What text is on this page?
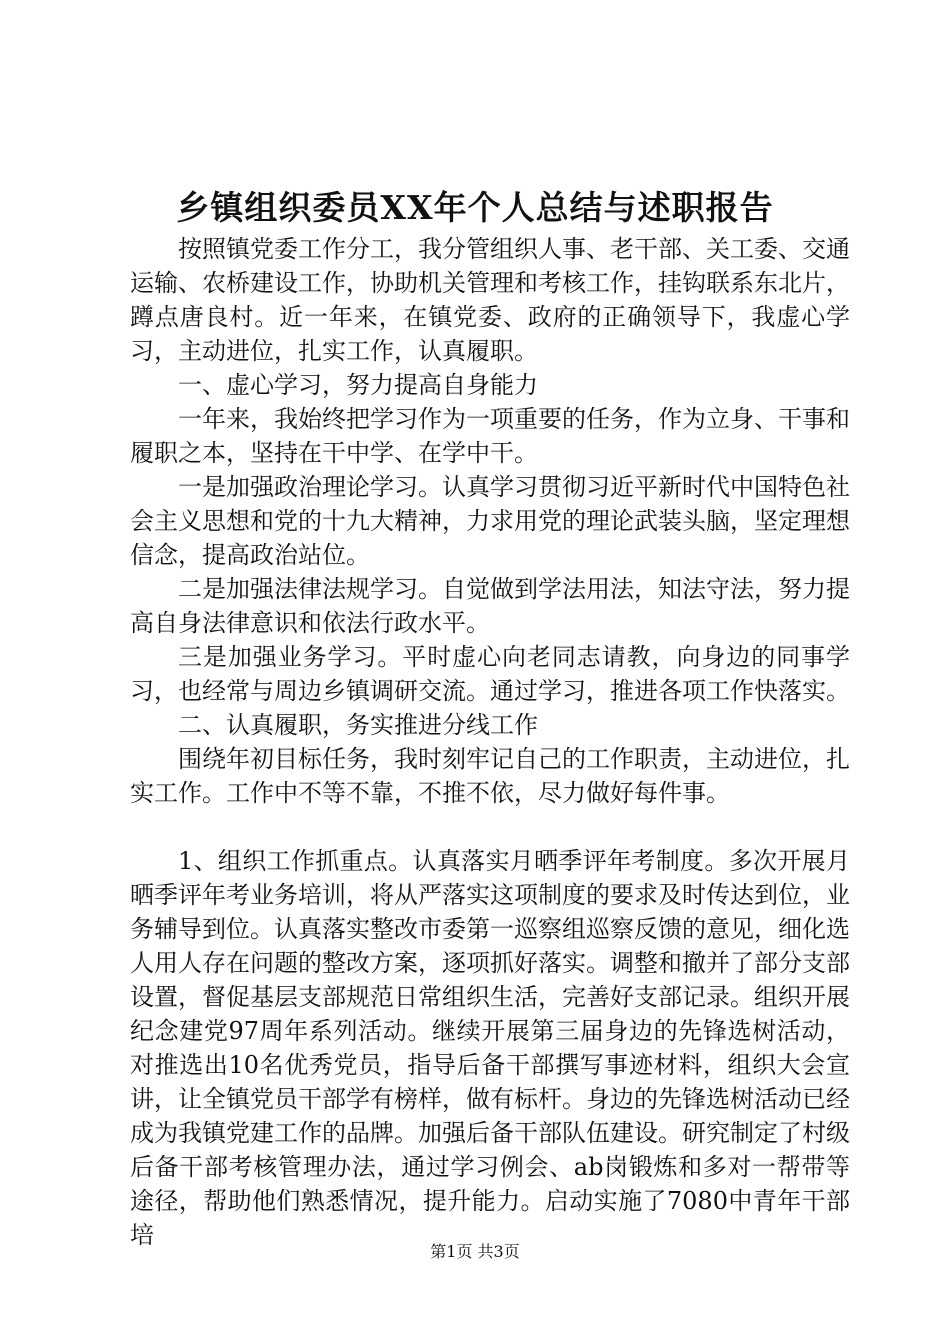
乡镇组织委员XX年个人总结与述职报告

按照镇党委工作分工，我分管组织人事、老干部、关工委、交通运输、农桥建设工作，协助机关管理和考核工作，挂钩联系东北片，蹲点唐良村。近一年来，在镇党委、政府的正确领导下，我虚心学习，主动进位，扎实工作，认真履职。

一、虚心学习，努力提高自身能力

一年来，我始终把学习作为一项重要的任务，作为立身、干事和履职之本，坚持在干中学、在学中干。

一是加强政治理论学习。认真学习贯彻习近平新时代中国特色社会主义思想和党的十九大精神，力求用党的理论武装头脑，坚定理想信念，提高政治站位。

二是加强法律法规学习。自觉做到学法用法，知法守法，努力提高自身法律意识和依法行政水平。

三是加强业务学习。平时虚心向老同志请教，向身边的同事学习，也经常与周边乡镇调研交流。通过学习，推进各项工作快落实。

二、认真履职，务实推进分线工作

围绕年初目标任务，我时刻牢记自己的工作职责，主动进位，扎实工作。工作中不等不靠，不推不依，尽力做好每件事。

1、组织工作抓重点。认真落实月晒季评年考制度。多次开展月晒季评年考业务培训，将从严落实这项制度的要求及时传达到位，业务辅导到位。认真落实整改市委第一巡察组巡察反馈的意见，细化选人用人存在问题的整改方案，逐项抓好落实。调整和撤并了部分支部设置，督促基层支部规范日常组织生活，完善好支部记录。组织开展纪念建党97周年系列活动。继续开展第三届身边的先锋选树活动，对推选出10名优秀党员，指导后备干部撰写事迹材料，组织大会宣讲，让全镇党员干部学有榜样，做有标杆。身边的先锋选树活动已经成为我镇党建工作的品牌。加强后备干部队伍建设。研究制定了村级后备干部考核管理办法，通过学习例会、ab岗锻炼和多对一帮带等途径，帮助他们熟悉情况，提升能力。启动实施了7080中青年干部培

第1页 共3页
